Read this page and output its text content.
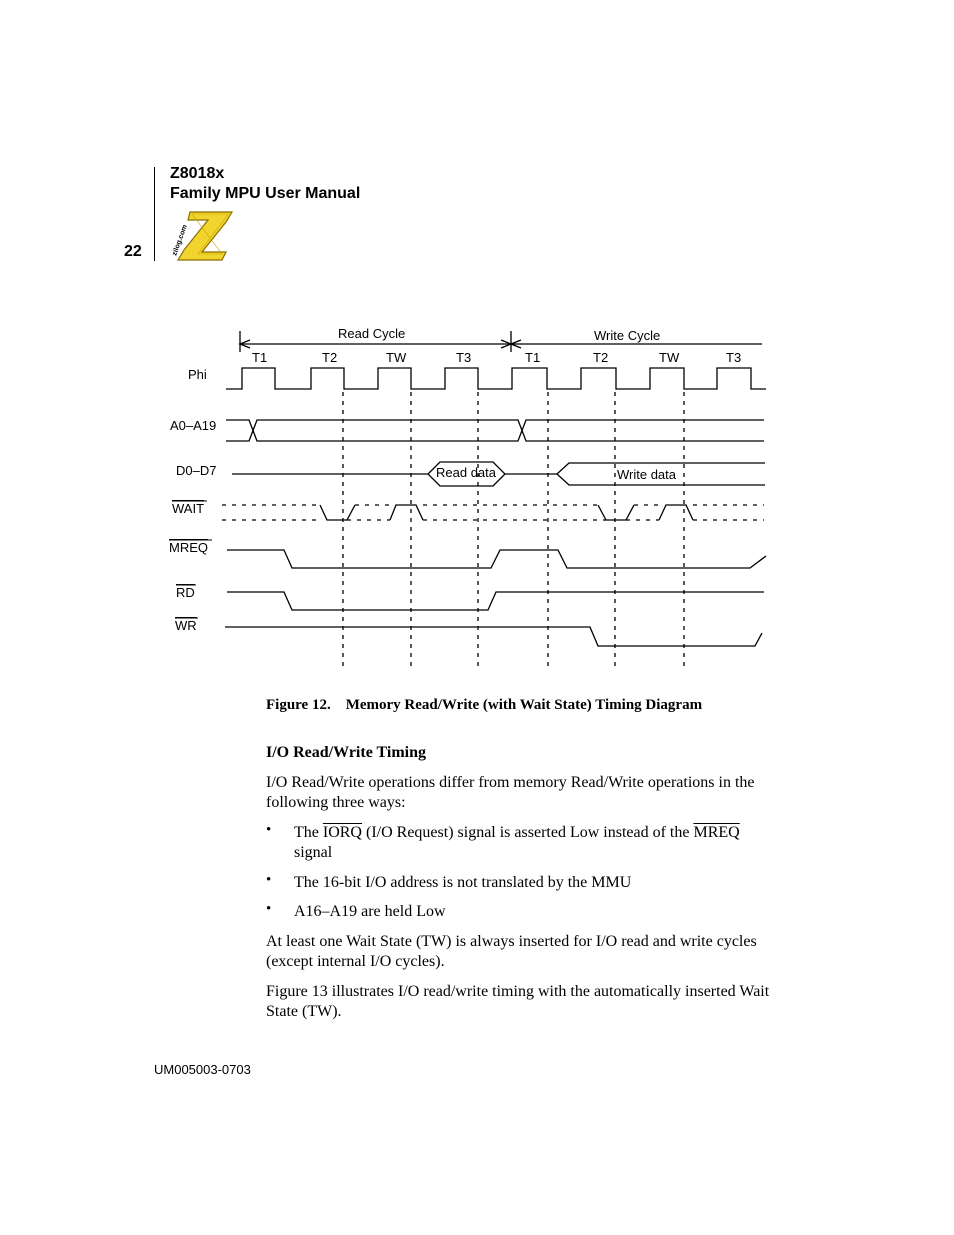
Z8018x
Family MPU User Manual
22	zilog.com
Read Cycle	Write Cycle
T1	T2	TW	T3	T1	T2	TW	T3
Phi
A0–A19
D0–D7
WAIT
MREQ
RD
WR
Read data	Write data
Figure 12. Memory Read/Write (with Wait State) Timing Diagram
I/O Read/Write Timing
I/O Read/Write operations differ from memory Read/Write operations in the following three ways:
• The IORQ (I/O Request) signal is asserted Low instead of the MREQ signal
• The 16-bit I/O address is not translated by the MMU
• A16–A19 are held Low
At least one Wait State (TW) is always inserted for I/O read and write cycles (except internal I/O cycles).
Figure 13 illustrates I/O read/write timing with the automatically inserted Wait State (TW).
UM005003-0703
